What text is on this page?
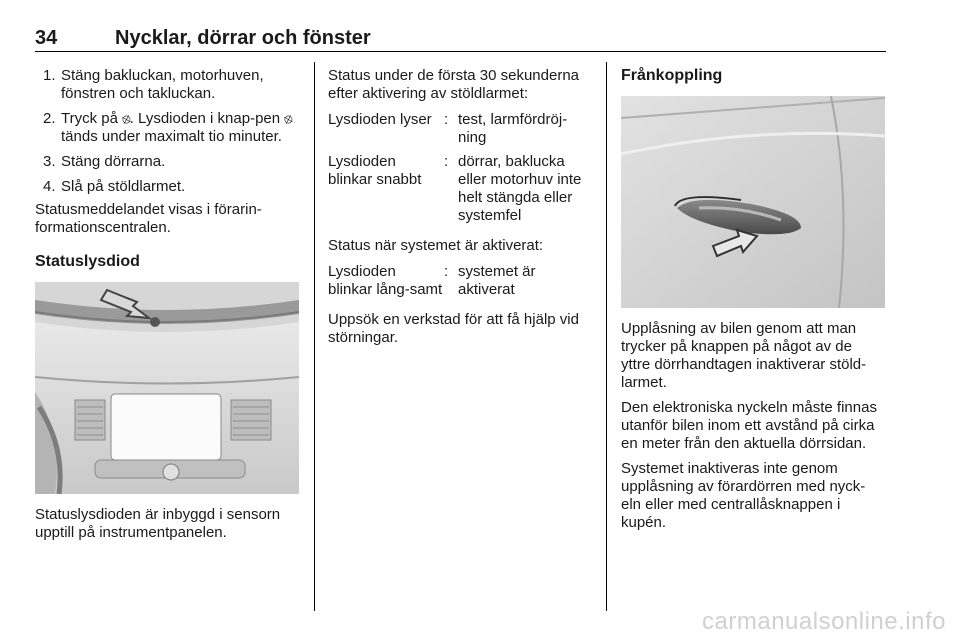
34	Nycklar, dörrar och fönster
1. Stäng bakluckan, motorhuven, fönstren och takluckan.
2. Tryck på ⦻. Lysdioden i knap-pen ⦻ tänds under maximalt tio minuter.
3. Stäng dörrarna.
4. Slå på stöldlarmet.

Statusmeddelandet visas i förarin-formationscentralen.

Statuslysdiod

Statuslysdioden är inbyggd i sensorn upptill på instrumentpanelen.

Status under de första 30 sekunderna efter aktivering av stöldlarmet:

Lysdioden lyser : test, larmfördröj-ning
Lysdioden blinkar snabbt
: dörrar, baklucka eller motorhuv inte helt stängda eller systemfel

Status när systemet är aktiverat:

Lysdioden blinkar lång-samt
: systemet är aktiverat

Uppsök en verkstad för att få hjälp vid störningar.

Frånkoppling

Upplåsning av bilen genom att man trycker på knappen på något av de yttre dörrhandtagen inaktiverar stöld-larmet.

Den elektroniska nyckeln måste finnas utanför bilen inom ett avstånd på cirka en meter från den aktuella dörrsidan.

Systemet inaktiveras inte genom upplåsning av förardörren med nyck-eln eller med centrallåsknappen i kupén.

carmanualsonline.info
